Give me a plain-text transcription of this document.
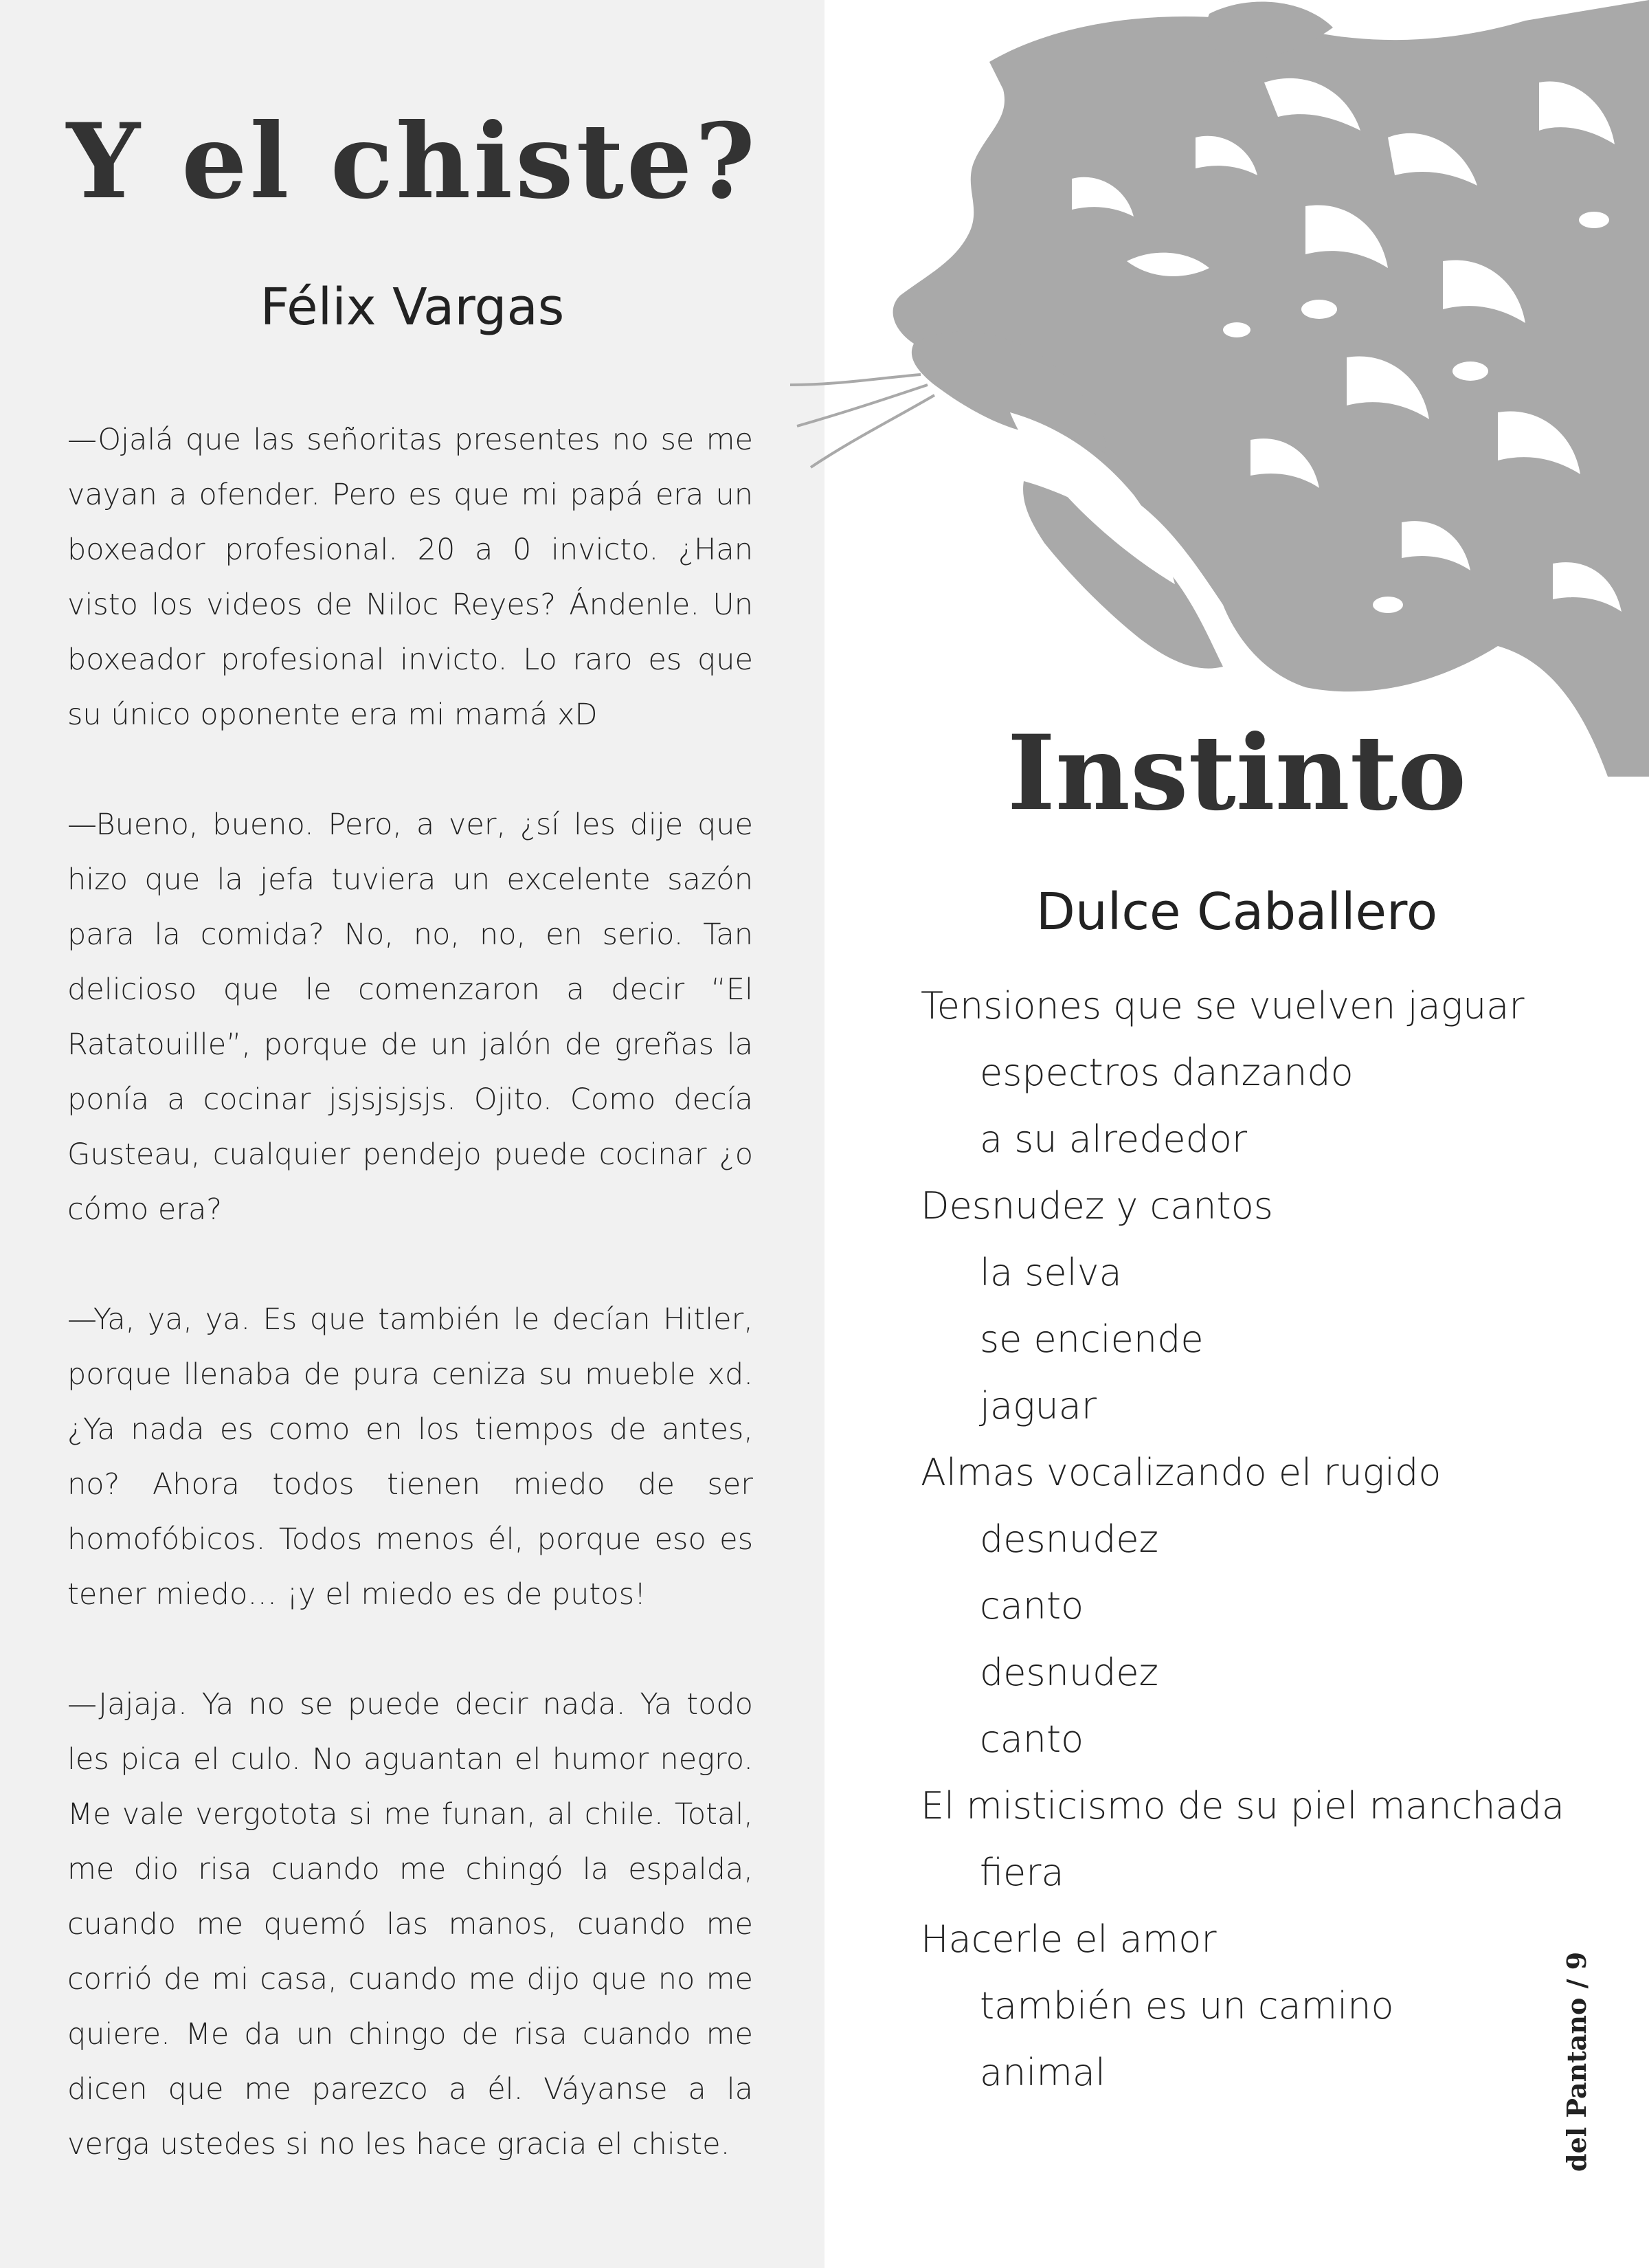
Y el chiste?
Félix Vargas

—Ojalá que las señoritas presentes no se me vayan a ofender. Pero es que mi papá era un boxeador profesional. 20 a 0 invicto. ¿Han visto los videos de Niloc Reyes? Ándenle. Un boxeador profesional invicto. Lo raro es que su único oponente era mi mamá xD

—Bueno, bueno. Pero, a ver, ¿sí les dije que hizo que la jefa tuviera un excelente sazón para la comida? No, no, no, en serio. Tan delicioso que le comenzaron a decir “El Ratatouille”, porque de un jalón de greñas la ponía a cocinar jsjsjsjsjs. Ojito. Como decía Gusteau, cualquier pendejo puede cocinar ¿o cómo era?

—Ya, ya, ya. Es que también le decían Hitler, porque llenaba de pura ceniza su mueble xd. ¿Ya nada es como en los tiempos de antes, no? Ahora todos tienen miedo de ser homofóbicos. Todos menos él, porque eso es tener miedo… ¡y el miedo es de putos!

—Jajaja. Ya no se puede decir nada. Ya todo les pica el culo. No aguantan el humor negro. Me vale vergotota si me funan, al chile. Total, me dio risa cuando me chingó la espalda, cuando me quemó las manos, cuando me corrió de mi casa, cuando me dijo que no me quiere. Me da un chingo de risa cuando me dicen que me parezco a él. Váyanse a la verga ustedes si no les hace gracia el chiste.

Instinto
Dulce Caballero
Tensiones que se vuelven jaguar
espectros danzando
a su alrededor
Desnudez y cantos
la selva
se enciende
jaguar
Almas vocalizando el rugido
desnudez
canto
desnudez
canto
El misticismo de su piel manchada
fiera
Hacerle el amor
también es un camino
animal	del Pantano / 9
